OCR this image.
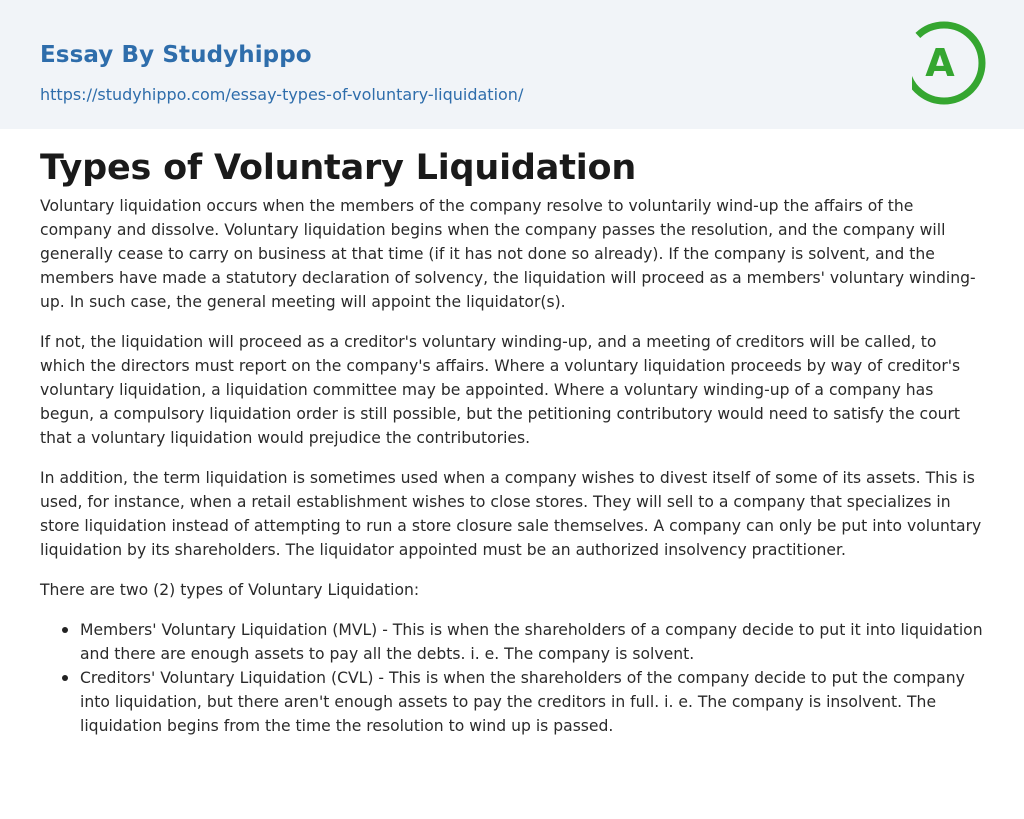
Essay By Studyhippo
https://studyhippo.com/essay-types-of-voluntary-liquidation/
A
Types of Voluntary Liquidation

Voluntary liquidation occurs when the members of the company resolve to voluntarily wind-up the affairs of the company and dissolve. Voluntary liquidation begins when the company passes the resolution, and the company will generally cease to carry on business at that time (if it has not done so already). If the company is solvent, and the members have made a statutory declaration of solvency, the liquidation will proceed as a members' voluntary winding-up. In such case, the general meeting will appoint the liquidator(s).

If not, the liquidation will proceed as a creditor's voluntary winding-up, and a meeting of creditors will be called, to which the directors must report on the company's affairs. Where a voluntary liquidation proceeds by way of creditor's voluntary liquidation, a liquidation committee may be appointed. Where a voluntary winding-up of a company has begun, a compulsory liquidation order is still possible, but the petitioning contributory would need to satisfy the court that a voluntary liquidation would prejudice the contributories.

In addition, the term liquidation is sometimes used when a company wishes to divest itself of some of its assets. This is used, for instance, when a retail establishment wishes to close stores. They will sell to a company that specializes in store liquidation instead of attempting to run a store closure sale themselves. A company can only be put into voluntary liquidation by its shareholders. The liquidator appointed must be an authorized insolvency practitioner.

There are two (2) types of Voluntary Liquidation:

Members' Voluntary Liquidation (MVL) - This is when the shareholders of a company decide to put it into liquidation and there are enough assets to pay all the debts. i. e. The company is solvent.
Creditors' Voluntary Liquidation (CVL) - This is when the shareholders of the company decide to put the company into liquidation, but there aren't enough assets to pay the creditors in full. i. e. The company is insolvent. The liquidation begins from the time the resolution to wind up is passed.
